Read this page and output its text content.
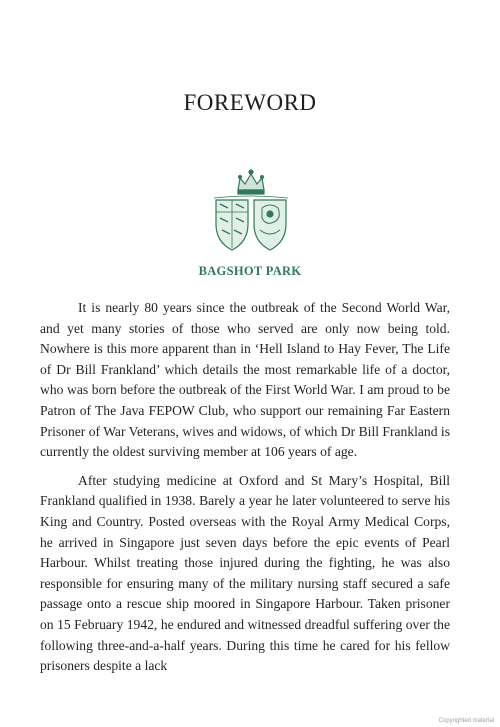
FOREWORD
BAGSHOT PARK

It is nearly 80 years since the outbreak of the Second World War, and yet many stories of those who served are only now being told. Nowhere is this more apparent than in ‘Hell Island to Hay Fever, The Life of Dr Bill Frankland’ which details the most remarkable life of a doctor, who was born before the outbreak of the First World War. I am proud to be Patron of The Java FEPOW Club, who support our remaining Far Eastern Prisoner of War Veterans, wives and widows, of which Dr Bill Frankland is currently the oldest surviving member at 106 years of age.

After studying medicine at Oxford and St Mary’s Hospital, Bill Frankland qualified in 1938. Barely a year he later volunteered to serve his King and Country. Posted overseas with the Royal Army Medical Corps, he arrived in Singapore just seven days before the epic events of Pearl Harbour. Whilst treating those injured during the fighting, he was also responsible for ensuring many of the military nursing staff secured a safe passage onto a rescue ship moored in Singapore Harbour. Taken prisoner on 15 February 1942, he endured and witnessed dreadful suffering over the following three-and-a-half years. During this time he cared for his fellow prisoners despite a lack

Copyrighted material
